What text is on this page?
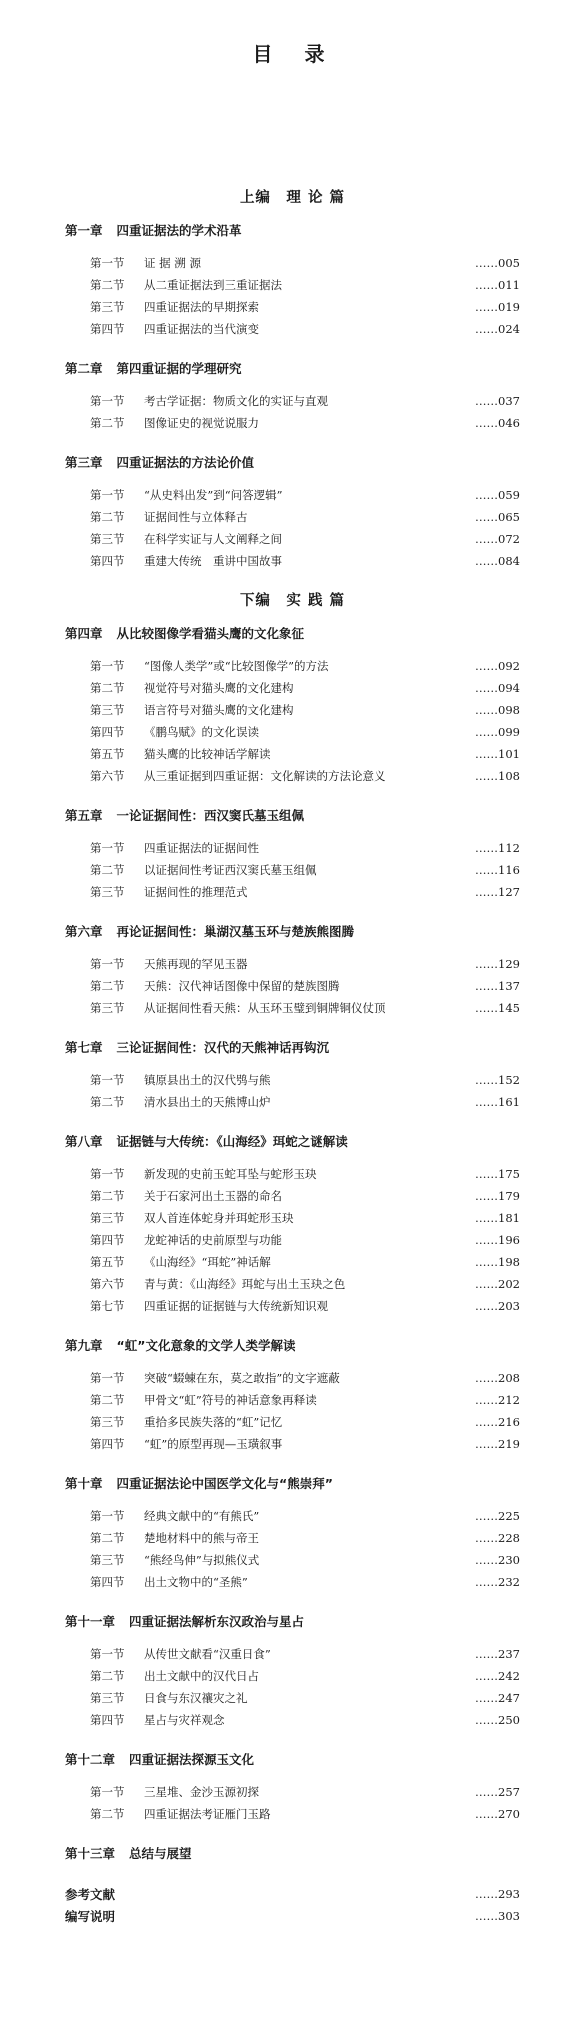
目　录
上编　理 论 篇
第一章 四重证据法的学术沿革
第一节	证 据 溯 源	……005
第二节	从二重证据法到三重证据法	……011
第三节	四重证据法的早期探索	……019
第四节	四重证据法的当代演变	……024
第二章 第四重证据的学理研究
第一节	考古学证据：物质文化的实证与直观	……037
第二节	图像证史的视觉说服力	……046
第三章 四重证据法的方法论价值
第一节	“从史料出发”到“问答逻辑”	……059
第二节	证据间性与立体释古	……065
第三节	在科学实证与人文阐释之间	……072
第四节	重建大传统　重讲中国故事	……084
下编　实 践 篇
第四章 从比较图像学看猫头鹰的文化象征
第一节	“图像人类学”或“比较图像学”的方法	……092
第二节	视觉符号对猫头鹰的文化建构	……094
第三节	语言符号对猫头鹰的文化建构	……098
第四节	《鹏鸟赋》的文化误读	……099
第五节	猫头鹰的比较神话学解读	……101
第六节	从三重证据到四重证据：文化解读的方法论意义	……108
第五章 一论证据间性：西汉窦氏墓玉组佩
第一节	四重证据法的证据间性	……112
第二节	以证据间性考证西汉窦氏墓玉组佩	……116
第三节	证据间性的推理范式	……127
第六章 再论证据间性：巢湖汉墓玉环与楚族熊图腾
第一节	天熊再现的罕见玉器	……129
第二节	天熊：汉代神话图像中保留的楚族图腾	……137
第三节	从证据间性看天熊：从玉环玉璧到铜牌铜仪仗顶	……145
第七章 三论证据间性：汉代的天熊神话再钩沉
第一节	镇原县出土的汉代鸮与熊	……152
第二节	清水县出土的天熊博山炉	……161
第八章 证据链与大传统：《山海经》珥蛇之谜解读
第一节	新发现的史前玉蛇耳坠与蛇形玉玦	……175
第二节	关于石家河出土玉器的命名	……179
第三节	双人首连体蛇身并珥蛇形玉玦	……181
第四节	龙蛇神话的史前原型与功能	……196
第五节	《山海经》“珥蛇”神话解	……198
第六节	青与黄：《山海经》珥蛇与出土玉玦之色	……202
第七节	四重证据的证据链与大传统新知识观	……203
第九章 “虹”文化意象的文学人类学解读
第一节	突破“蝃蝀在东，莫之敢指”的文字遮蔽	……208
第二节	甲骨文“虹”符号的神话意象再释读	……212
第三节	重拾多民族失落的“虹”记忆	……216
第四节	“虹”的原型再现—玉璜叙事	……219
第十章 四重证据法论中国医学文化与“熊崇拜”
第一节	经典文献中的“有熊氏”	……225
第二节	楚地材料中的熊与帝王	……228
第三节	“熊经鸟伸”与拟熊仪式	……230
第四节	出土文物中的“圣熊”	……232
第十一章 四重证据法解析东汉政治与星占
第一节	从传世文献看“汉重日食”	……237
第二节	出土文献中的汉代日占	……242
第三节	日食与东汉禳灾之礼	……247
第四节	星占与灾祥观念	……250
第十二章 四重证据法探源玉文化
第一节	三星堆、金沙玉源初探	……257
第二节	四重证据法考证雁门玉路	……270
第十三章 总结与展望
参考文献	……293
编写说明	……303
